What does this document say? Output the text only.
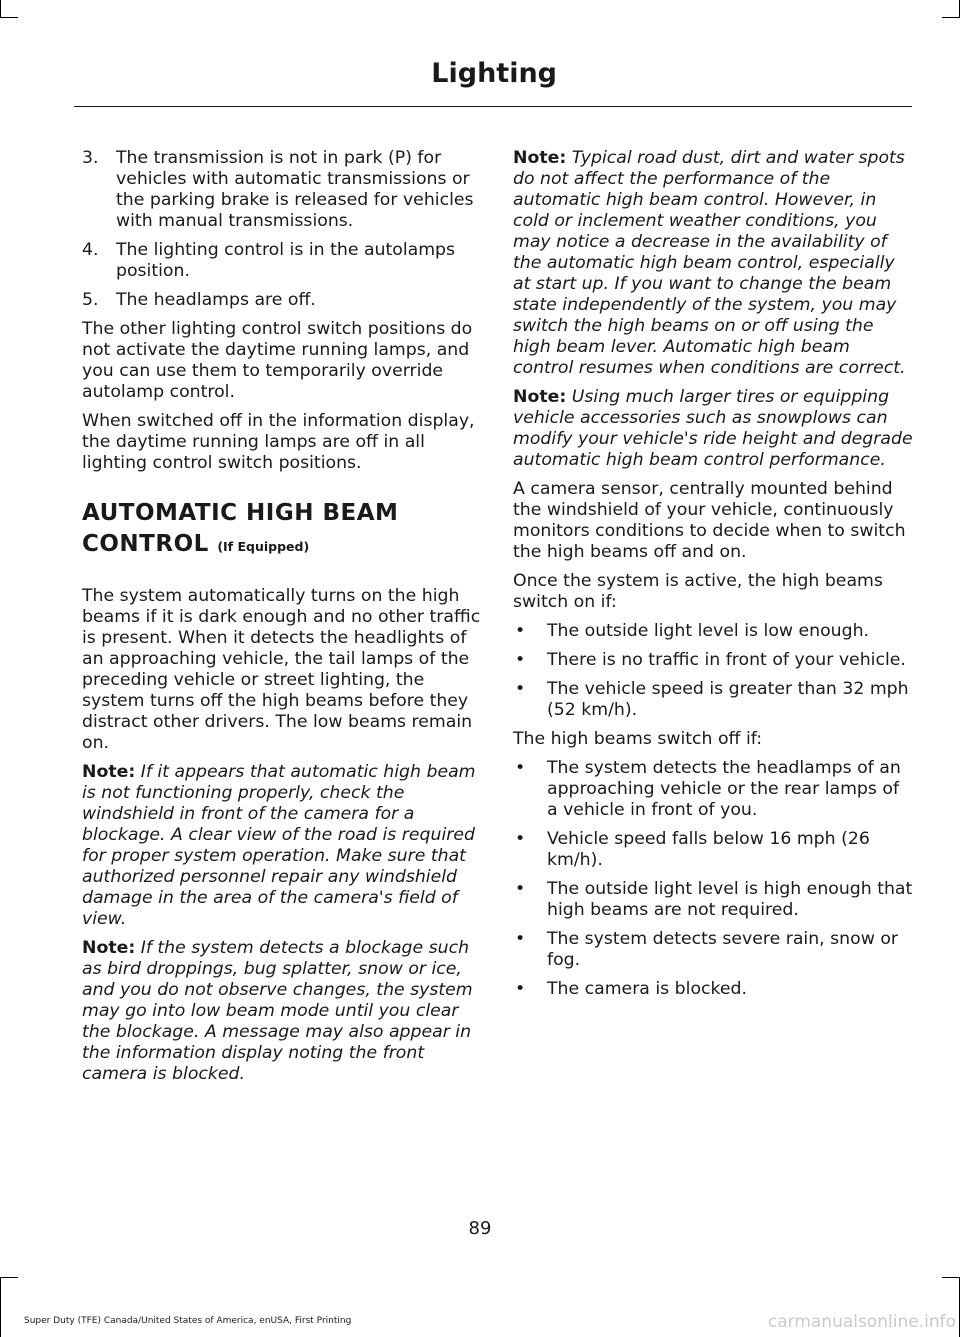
Lighting
3.	The transmission is not in park (P) for vehicles with automatic transmissions or the parking brake is released for vehicles with manual transmissions.
4.	The lighting control is in the autolamps position.
5.	The headlamps are off.

The other lighting control switch positions do not activate the daytime running lamps, and you can use them to temporarily override autolamp control.

When switched off in the information display, the daytime running lamps are off in all lighting control switch positions.

AUTOMATIC HIGH BEAM
CONTROL (If Equipped)

The system automatically turns on the high beams if it is dark enough and no other traffic is present. When it detects the headlights of an approaching vehicle, the tail lamps of the preceding vehicle or street lighting, the system turns off the high beams before they distract other drivers. The low beams remain on.

Note: If it appears that automatic high beam is not functioning properly, check the windshield in front of the camera for a blockage. A clear view of the road is required for proper system operation. Make sure that authorized personnel repair any windshield damage in the area of the camera's field of view.

Note: If the system detects a blockage such as bird droppings, bug splatter, snow or ice, and you do not observe changes, the system may go into low beam mode until you clear the blockage. A message may also appear in the information display noting the front camera is blocked.

Note: Typical road dust, dirt and water spots do not affect the performance of the automatic high beam control. However, in cold or inclement weather conditions, you may notice a decrease in the availability of the automatic high beam control, especially at start up. If you want to change the beam state independently of the system, you may switch the high beams on or off using the high beam lever. Automatic high beam control resumes when conditions are correct.

Note: Using much larger tires or equipping vehicle accessories such as snowplows can modify your vehicle's ride height and degrade automatic high beam control performance.

A camera sensor, centrally mounted behind the windshield of your vehicle, continuously monitors conditions to decide when to switch the high beams off and on.

Once the system is active, the high beams switch on if:

•	The outside light level is low enough.
•	There is no traffic in front of your vehicle.
•	The vehicle speed is greater than 32 mph (52 km/h).

The high beams switch off if:

•	The system detects the headlamps of an approaching vehicle or the rear lamps of a vehicle in front of you.
•	Vehicle speed falls below 16 mph (26 km/h).
•	The outside light level is high enough that high beams are not required.
•	The system detects severe rain, snow or fog.
•	The camera is blocked.
89
Super Duty (TFE) Canada/United States of America, enUSA, First Printing	carmanualsonline.info
